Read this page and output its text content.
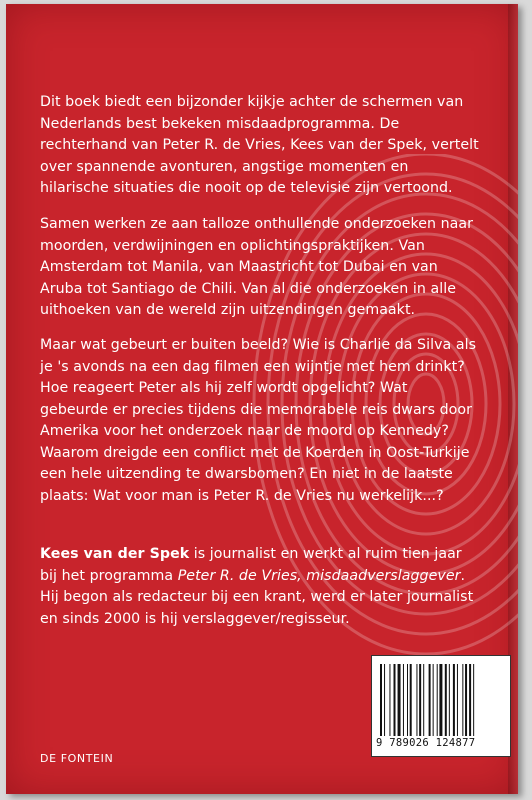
Dit boek biedt een bijzonder kijkje achter de schermen van Nederlands best bekeken misdaadprogramma. De rechterhand van Peter R. de Vries, Kees van der Spek, vertelt over spannende avonturen, angstige momenten en hilarische situaties die nooit op de televisie zijn vertoond.

Samen werken ze aan talloze onthullende onderzoeken naar moorden, verdwijningen en oplichtingspraktijken. Van Amsterdam tot Manila, van Maastricht tot Dubai en van Aruba tot Santiago de Chili. Van al die onderzoeken in alle uithoeken van de wereld zijn uitzendingen gemaakt.

Maar wat gebeurt er buiten beeld? Wie is Charlie da Silva als je 's avonds na een dag filmen een wijntje met hem drinkt? Hoe reageert Peter als hij zelf wordt opgelicht? Wat gebeurde er precies tijdens die memorabele reis dwars door Amerika voor het onderzoek naar de moord op Kennedy? Waarom dreigde een conflict met de Koerden in Oost-Turkije een hele uitzending te dwarsbomen? En niet in de laatste plaats: Wat voor man is Peter R. de Vries nu werkelijk...?

Kees van der Spek is journalist en werkt al ruim tien jaar bij het programma Peter R. de Vries, misdaadverslaggever. Hij begon als redacteur bij een krant, werd er later journalist en sinds 2000 is hij verslaggever/regisseur.

9 789026 124877
DE FONTEIN
